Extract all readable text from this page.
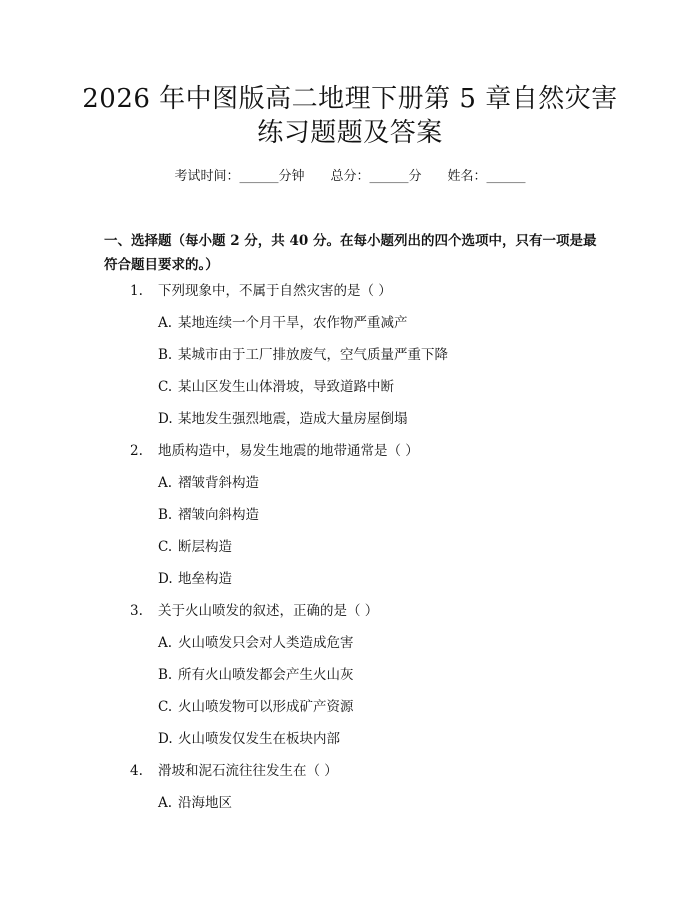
2026 年中图版高二地理下册第 5 章自然灾害
练习题题及答案
考试时间：______分钟 总分：______分 姓名：______
一、选择题（每小题 2 分，共 40 分。在每小题列出的四个选项中，只有一项是最符合题目要求的。）
1. 下列现象中，不属于自然灾害的是（ ）
A. 某地连续一个月干旱，农作物严重减产
B. 某城市由于工厂排放废气，空气质量严重下降
C. 某山区发生山体滑坡，导致道路中断
D. 某地发生强烈地震，造成大量房屋倒塌
2. 地质构造中，易发生地震的地带通常是（ ）
A. 褶皱背斜构造
B. 褶皱向斜构造
C. 断层构造
D. 地垒构造
3. 关于火山喷发的叙述，正确的是（ ）
A. 火山喷发只会对人类造成危害
B. 所有火山喷发都会产生火山灰
C. 火山喷发物可以形成矿产资源
D. 火山喷发仅发生在板块内部
4. 滑坡和泥石流往往发生在（ ）
A. 沿海地区
